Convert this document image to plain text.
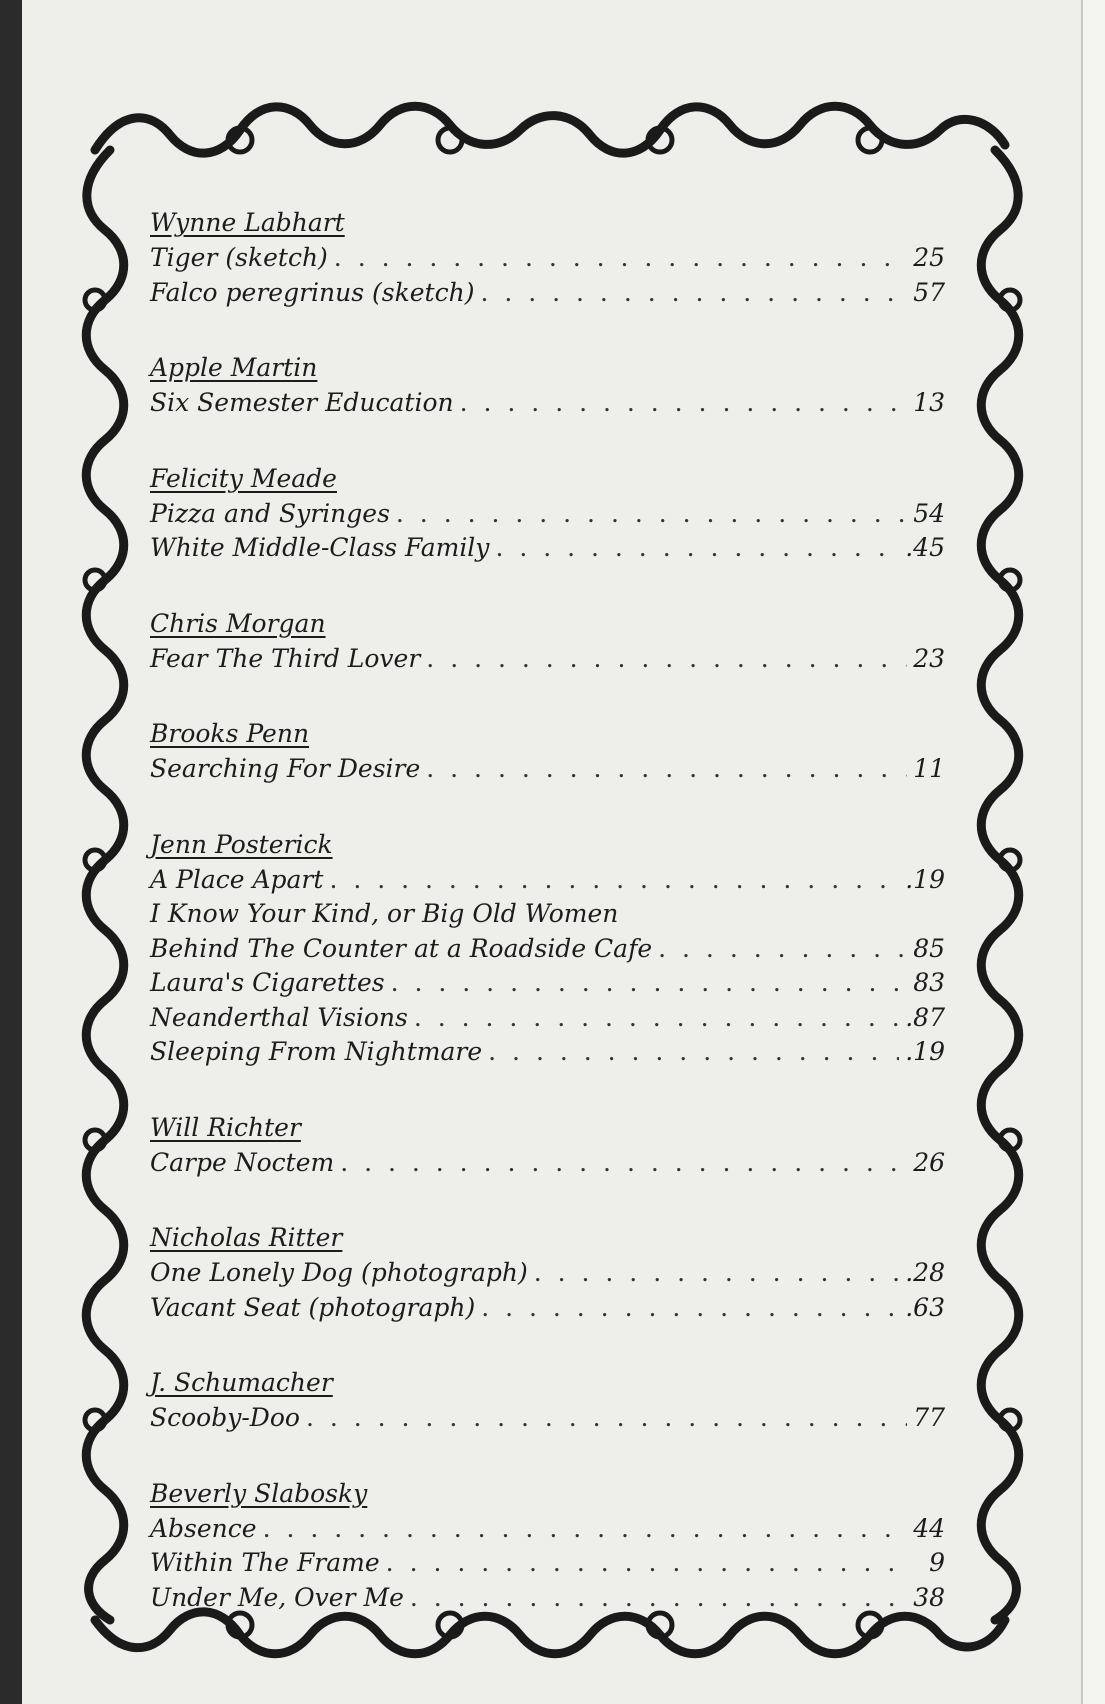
Wynne Labhart
Tiger (sketch) . . .	25
Falco peregrinus (sketch) . . .	57
Apple Martin
Six Semester Education . . .	13
Felicity Meade
Pizza and Syringes . . .	54
White Middle-Class Family . . .	.45
Chris Morgan
Fear The Third Lover . . .	23
Brooks Penn
Searching For Desire . . .	11
Jenn Posterick
A Place Apart . . .	.19
I Know Your Kind, or Big Old Women
Behind The Counter at a Roadside Cafe . . .	85
Laura's Cigarettes . . .	83
Neanderthal Visions . . .	.87
Sleeping From Nightmare . . .	.19
Will Richter
Carpe Noctem . . .	26
Nicholas Ritter
One Lonely Dog (photograph) . . .	.28
Vacant Seat (photograph) . . .	.63
J. Schumacher
Scooby-Doo . . .	77
Beverly Slabosky
Absence . . .	44
Within The Frame . . .	9
Under Me, Over Me . . .	38
